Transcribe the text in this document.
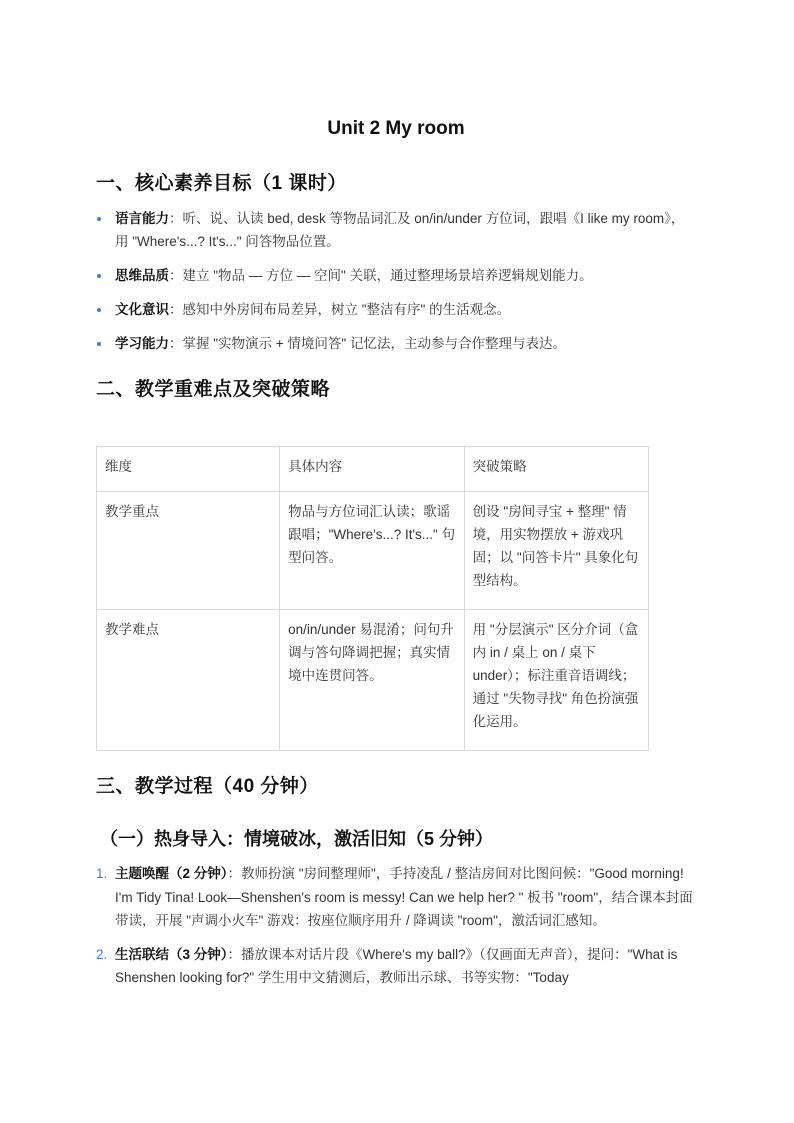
Unit 2 My room
一、核心素养目标（1 课时）
语言能力：听、说、认读 bed, desk 等物品词汇及 on/in/under 方位词，跟唱《I like my room》，用 "Where's...? It's..." 问答物品位置。
思维品质：建立 "物品 — 方位 — 空间" 关联，通过整理场景培养逻辑规划能力。
文化意识：感知中外房间布局差异，树立 "整洁有序" 的生活观念。
学习能力：掌握 "实物演示 + 情境问答" 记忆法，主动参与合作整理与表达。
二、教学重难点及突破策略
维度	具体内容	突破策略
教学重点	物品与方位词汇认读；歌谣跟唱；"Where's...? It's..." 句型问答。	创设 "房间寻宝 + 整理" 情境，用实物摆放 + 游戏巩固；以 "问答卡片" 具象化句型结构。
教学难点	on/in/under 易混淆；问句升调与答句降调把握；真实情境中连贯问答。	用 "分层演示" 区分介词（盒内 in / 桌上 on / 桌下 under）；标注重音语调线；通过 "失物寻找" 角色扮演强化运用。
三、教学过程（40 分钟）
（一）热身导入：情境破冰，激活旧知（5 分钟）
1. 主题唤醒（2 分钟）：教师扮演 "房间整理师"，手持凌乱 / 整洁房间对比图问候："Good morning! I'm Tidy Tina! Look—Shenshen's room is messy! Can we help her? " 板书 "room"，结合课本封面带读，开展 "声调小火车" 游戏：按座位顺序用升 / 降调读 "room"，激活词汇感知。
2. 生活联结（3 分钟）：播放课本对话片段《Where's my ball?》（仅画面无声音），提问："What is Shenshen looking for?" 学生用中文猜测后，教师出示球、书等实物："Today
